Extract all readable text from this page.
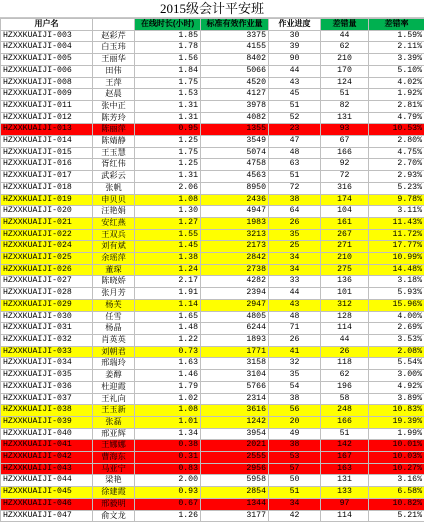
2015级会计平安班
用户名		在线时长(小时)	标准有效作业量	作业进度	差错量	差错率
HZXXKUAIJI-003	赵彩芹	1.85	3375	30	44	1.59%
HZXXKUAIJI-004	白玉玮	1.78	4155	39	62	2.11%
HZXXKUAIJI-005	王丽华	1.56	8402	90	210	3.39%
HZXXKUAIJI-006	田伟	1.84	5066	44	170	5.10%
HZXXKUAIJI-008	王萍	1.75	4520	43	124	4.02%
HZXXKUAIJI-009	赵晨	1.53	4127	45	51	1.92%
HZXXKUAIJI-011	张中正	1.31	3978	51	82	2.81%
HZXXKUAIJI-012	陈芳玲	1.31	4082	52	131	4.79%
HZXXKUAIJI-013	陈丽萍	0.95	1355	23	93	10.53%
HZXXKUAIJI-014	陈婧静	1.25	3549	47	67	2.80%
HZXXKUAIJI-015	王玉慧	1.75	5074	48	166	4.75%
HZXXKUAIJI-016	胥红伟	1.25	4758	63	92	2.70%
HZXXKUAIJI-017	武彩云	1.31	4563	51	72	2.93%
HZXXKUAIJI-018	张帆	2.06	8950	72	316	5.23%
HZXXKUAIJI-019	申贝贝	1.08	2436	38	174	9.78%
HZXXKUAIJI-020	汪艳娟	1.30	4947	64	104	3.11%
HZXXKUAIJI-021	安红燕	1.27	1983	26	161	11.43%
HZXXKUAIJI-022	王双兵	1.55	3213	35	267	11.72%
HZXXKUAIJI-024	刘有斌	1.45	2173	25	271	17.77%
HZXXKUAIJI-025	余瑶萍	1.38	2842	34	210	10.99%
HZXXKUAIJI-026	董琛	1.24	2738	34	275	14.48%
HZXXKUAIJI-027	陈晓娇	2.17	4282	33	136	3.18%
HZXXKUAIJI-028	张月芳	1.91	2394	44	101	5.93%
HZXXKUAIJI-029	杨芙	1.14	2947	43	312	15.96%
HZXXKUAIJI-030	任雪	1.65	4805	48	128	4.00%
HZXXKUAIJI-031	杨晶	1.48	6244	71	114	2.69%
HZXXKUAIJI-032	肖英英	1.22	1893	26	44	3.53%
HZXXKUAIJI-033	刘朝君	0.73	1771	41	26	2.08%
HZXXKUAIJI-034	邢瑞玲	1.63	3158	32	118	5.54%
HZXXKUAIJI-035	姜醇	1.46	3104	35	62	3.00%
HZXXKUAIJI-036	杜迎霞	1.79	5766	54	196	4.92%
HZXXKUAIJI-037	王礼向	1.02	2314	38	58	3.89%
HZXXKUAIJI-038	王玉新	1.08	3616	56	248	10.83%
HZXXKUAIJI-039	张磊	1.01	1242	20	166	19.39%
HZXXKUAIJI-040	邢亚辉	1.34	3954	49	51	1.99%
HZXXKUAIJI-041	王娜娜	0.38	2021	38	142	10.01%
HZXXKUAIJI-042	曹海东	0.31	2555	53	167	10.03%
HZXXKUAIJI-043	马亚宁	0.83	2956	57	163	10.27%
HZXXKUAIJI-044	梁艳	2.00	5958	50	131	3.16%
HZXXKUAIJI-045	徐建霞	0.93	2854	51	133	6.58%
HZXXKUAIJI-046	邢毅明	0.67	1344	34	97	10.82%
HZXXKUAIJI-047	俞文龙	1.26	3177	42	114	5.21%
